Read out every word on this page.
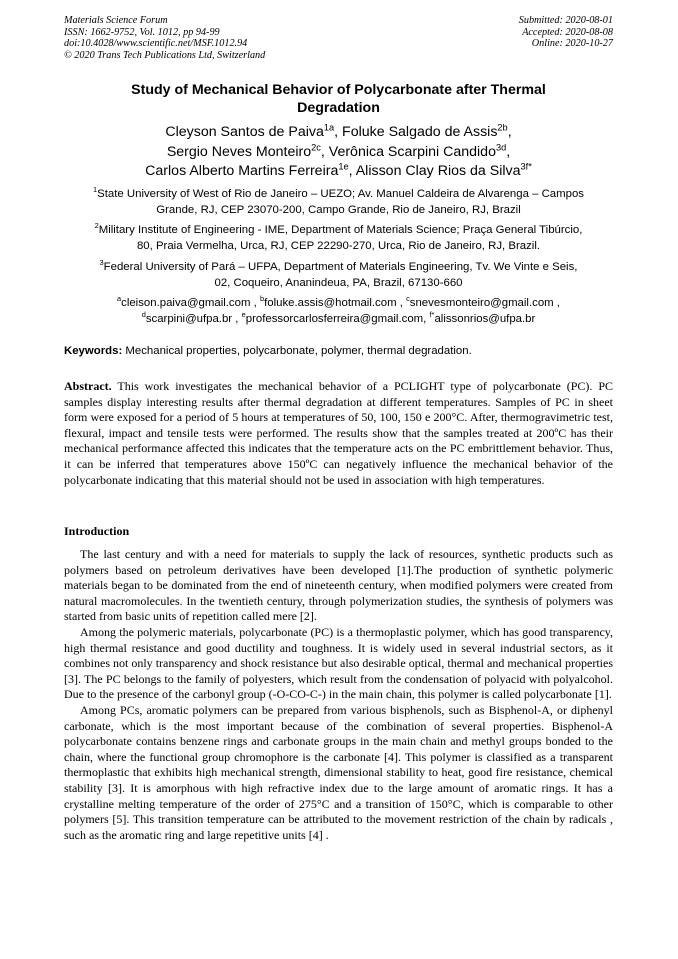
Materials Science Forum
ISSN: 1662-9752, Vol. 1012, pp 94-99
doi:10.4028/www.scientific.net/MSF.1012.94
© 2020 Trans Tech Publications Ltd, Switzerland
Submitted: 2020-08-01
Accepted: 2020-08-08
Online: 2020-10-27
Study of Mechanical Behavior of Polycarbonate after Thermal
Degradation
Cleyson Santos de Paiva$^{1a}$, Foluke Salgado de Assis$^{2b}$,
Sergio Neves Monteiro$^{2c}$, Verônica Scarpini Candido$^{3d}$,
Carlos Alberto Martins Ferreira$^{1e}$, Alisson Clay Rios da Silva$^{3f*}$
$^1$State University of West of Rio de Janeiro – UEZO; Av. Manuel Caldeira de Alvarenga – Campos
Grande, RJ, CEP 23070-200, Campo Grande, Rio de Janeiro, RJ, Brazil
$^2$Military Institute of Engineering - IME, Department of Materials Science; Praça General Tibúrcio,
80, Praia Vermelha, Urca, RJ, CEP 22290-270, Urca, Rio de Janeiro, RJ, Brazil.
$^3$Federal University of Pará – UFPA, Department of Materials Engineering, Tv. We Vinte e Seis,
02, Coqueiro, Ananindeua, PA, Brazil, 67130-660
$^a$cleison.paiva@gmail.com , $^b$foluke.assis@hotmail.com , $^c$snevesmonteiro@gmail.com ,
$^d$scarpini@ufpa.br , $^e$professorcarlosferreira@gmail.com, $^{f*}$alissonrios@ufpa.br
Keywords: Mechanical properties, polycarbonate, polymer, thermal degradation.
Abstract. This work investigates the mechanical behavior of a PCLIGHT type of polycarbonate (PC). PC samples display interesting results after thermal degradation at different temperatures. Samples of PC in sheet form were exposed for a period of 5 hours at temperatures of 50, 100, 150 e 200°C. After, thermogravimetric test, flexural, impact and tensile tests were performed. The results show that the samples treated at 200ºC has their mechanical performance affected this indicates that the temperature acts on the PC embrittlement behavior. Thus, it can be inferred that temperatures above 150ºC can negatively influence the mechanical behavior of the polycarbonate indicating that this material should not be used in association with high temperatures.
Introduction

The last century and with a need for materials to supply the lack of resources, synthetic products such as polymers based on petroleum derivatives have been developed [1].The production of synthetic polymeric materials began to be dominated from the end of nineteenth century, when modified polymers were created from natural macromolecules. In the twentieth century, through polymerization studies, the synthesis of polymers was started from basic units of repetition called mere [2].

Among the polymeric materials, polycarbonate (PC) is a thermoplastic polymer, which has good transparency, high thermal resistance and good ductility and toughness. It is widely used in several industrial sectors, as it combines not only transparency and shock resistance but also desirable optical, thermal and mechanical properties [3]. The PC belongs to the family of polyesters, which result from the condensation of polyacid with polyalcohol. Due to the presence of the carbonyl group (-O-CO-C-) in the main chain, this polymer is called polycarbonate [1].

Among PCs, aromatic polymers can be prepared from various bisphenols, such as Bisphenol-A, or diphenyl carbonate, which is the most important because of the combination of several properties. Bisphenol-A polycarbonate contains benzene rings and carbonate groups in the main chain and methyl groups bonded to the chain, where the functional group chromophore is the carbonate [4]. This polymer is classified as a transparent thermoplastic that exhibits high mechanical strength, dimensional stability to heat, good fire resistance, chemical stability [3]. It is amorphous with high refractive index due to the large amount of aromatic rings. It has a crystalline melting temperature of the order of 275°C and a transition of 150°C, which is comparable to other polymers [5]. This transition temperature can be attributed to the movement restriction of the chain by radicals , such as the aromatic ring and large repetitive units [4] .
